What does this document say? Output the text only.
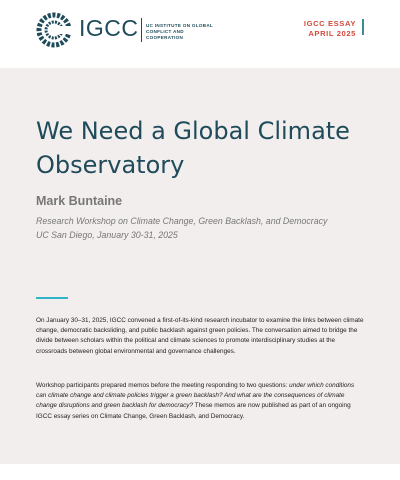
IGCC UC INSTITUTE ON GLOBAL CONFLICT AND COOPERATION
IGCC ESSAY
APRIL 2025
We Need a Global Climate Observatory
Mark Buntaine
Research Workshop on Climate Change, Green Backlash, and Democracy
UC San Diego, January 30-31, 2025

On January 30–31, 2025, IGCC convened a first-of-its-kind research incubator to examine the links between climate change, democratic backsliding, and public backlash against green policies. The conversation aimed to bridge the divide between scholars within the political and climate sciences to promote interdisciplinary studies at the crossroads between global environmental and governance challenges.

Workshop participants prepared memos before the meeting responding to two questions: under which conditions can climate change and climate policies trigger a green backlash? And what are the consequences of climate change disruptions and green backlash for democracy? These memos are now published as part of an ongoing IGCC essay series on Climate Change, Green Backlash, and Democracy.
